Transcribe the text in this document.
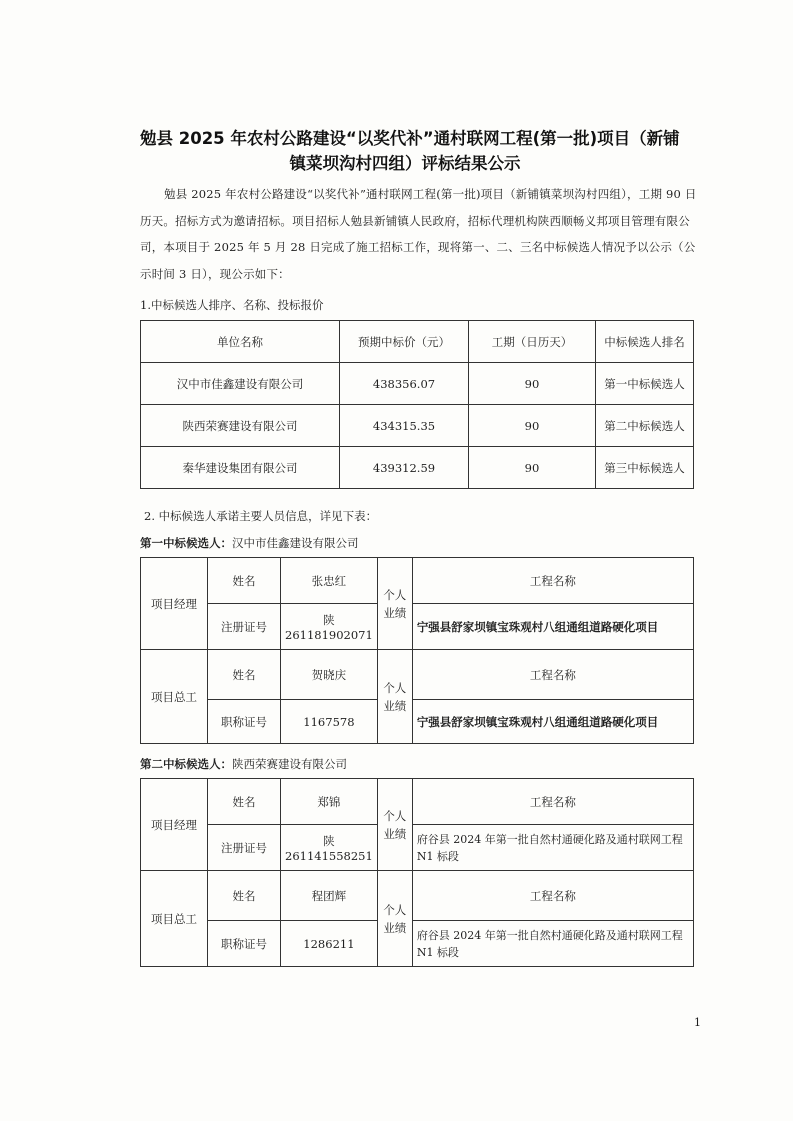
勉县 2025 年农村公路建设“以奖代补”通村联网工程(第一批)项目（新铺
镇菜坝沟村四组）评标结果公示
勉县 2025 年农村公路建设“以奖代补”通村联网工程(第一批)项目（新铺镇菜坝沟村四组），工期 90 日历天。招标方式为邀请招标。项目招标人勉县新铺镇人民政府，招标代理机构陕西顺畅义邦项目管理有限公司，本项目于 2025 年 5 月 28 日完成了施工招标工作，现将第一、二、三名中标候选人情况予以公示（公示时间 3 日），现公示如下：
1.中标候选人排序、名称、投标报价
单位名称	预期中标价（元）	工期（日历天）	中标候选人排名
汉中市佳鑫建设有限公司	438356.07	90	第一中标候选人
陕西荣赛建设有限公司	434315.35	90	第二中标候选人
秦华建设集团有限公司	439312.59	90	第三中标候选人
2. 中标候选人承诺主要人员信息，详见下表：
第一中标候选人：汉中市佳鑫建设有限公司
项目经理	姓名	张忠红	个人业绩	工程名称
	注册证号	陕 261181902071		宁强县舒家坝镇宝珠观村八组通组道路硬化项目
项目总工	姓名	贺晓庆	个人业绩	工程名称
	职称证号	1167578		宁强县舒家坝镇宝珠观村八组通组道路硬化项目
第二中标候选人：陕西荣赛建设有限公司
项目经理	姓名	郑锦	个人业绩	工程名称
	注册证号	陕 261141558251		府谷县 2024 年第一批自然村通硬化路及通村联网工程 N1 标段
项目总工	姓名	程团辉	个人业绩	工程名称
	职称证号	1286211		府谷县 2024 年第一批自然村通硬化路及通村联网工程 N1 标段
1
